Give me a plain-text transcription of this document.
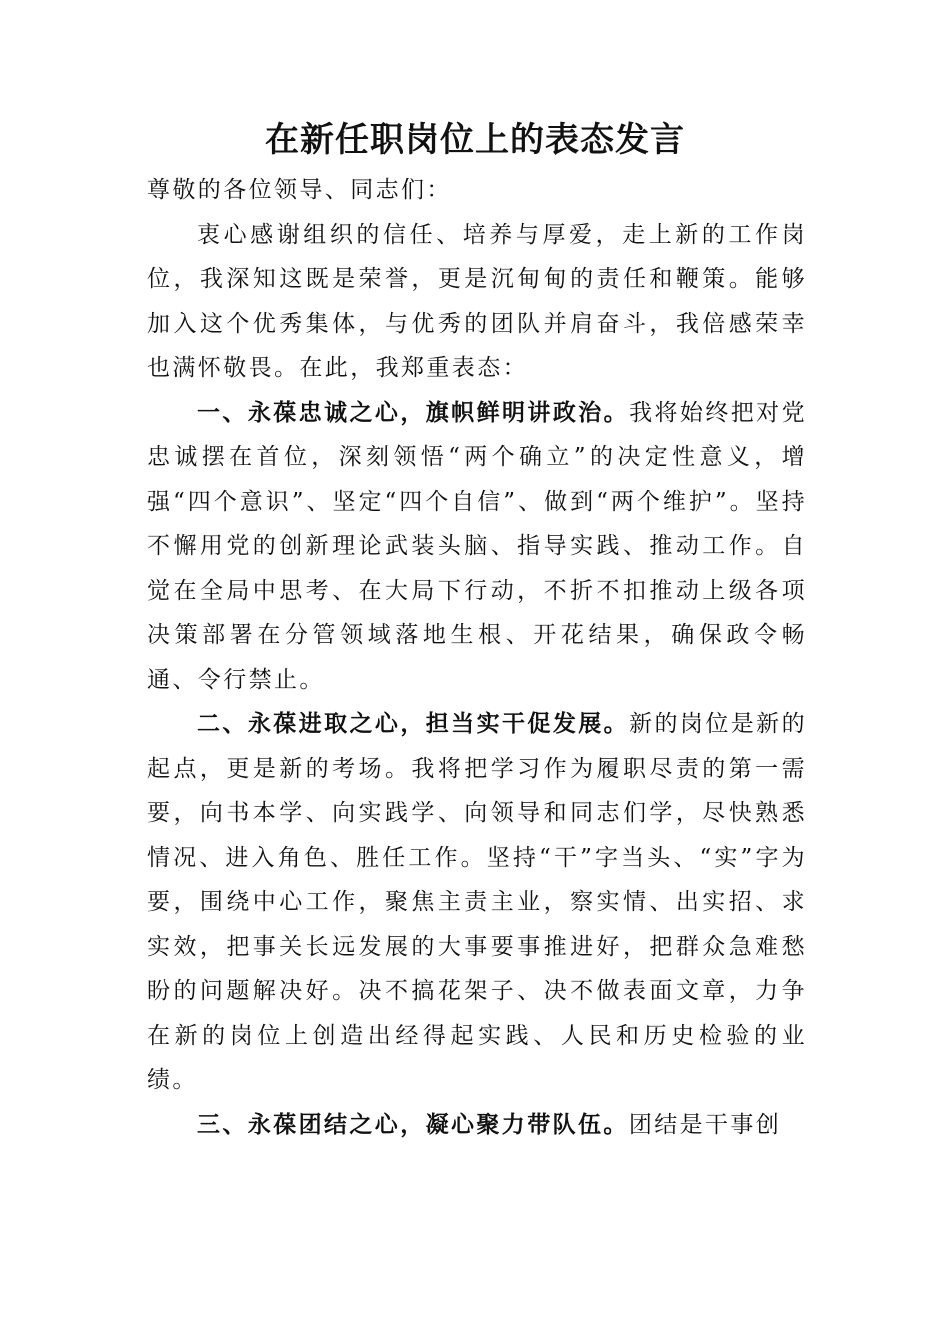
在新任职岗位上的表态发言

尊敬的各位领导、同志们：

衷心感谢组织的信任、培养与厚爱，走上新的工作岗位，我深知这既是荣誉，更是沉甸甸的责任和鞭策。能够加入这个优秀集体，与优秀的团队并肩奋斗，我倍感荣幸也满怀敬畏。在此，我郑重表态：

一、永葆忠诚之心，旗帜鲜明讲政治。我将始终把对党忠诚摆在首位，深刻领悟“两个确立”的决定性意义，增强“四个意识”、坚定“四个自信”、做到“两个维护”。坚持不懈用党的创新理论武装头脑、指导实践、推动工作。自觉在全局中思考、在大局下行动，不折不扣推动上级各项决策部署在分管领域落地生根、开花结果，确保政令畅通、令行禁止。

二、永葆进取之心，担当实干促发展。新的岗位是新的起点，更是新的考场。我将把学习作为履职尽责的第一需要，向书本学、向实践学、向领导和同志们学，尽快熟悉情况、进入角色、胜任工作。坚持“干”字当头、“实”字为要，围绕中心工作，聚焦主责主业，察实情、出实招、求实效，把事关长远发展的大事要事推进好，把群众急难愁盼的问题解决好。决不搞花架子、决不做表面文章，力争在新的岗位上创造出经得起实践、人民和历史检验的业绩。

三、永葆团结之心，凝心聚力带队伍。团结是干事创
